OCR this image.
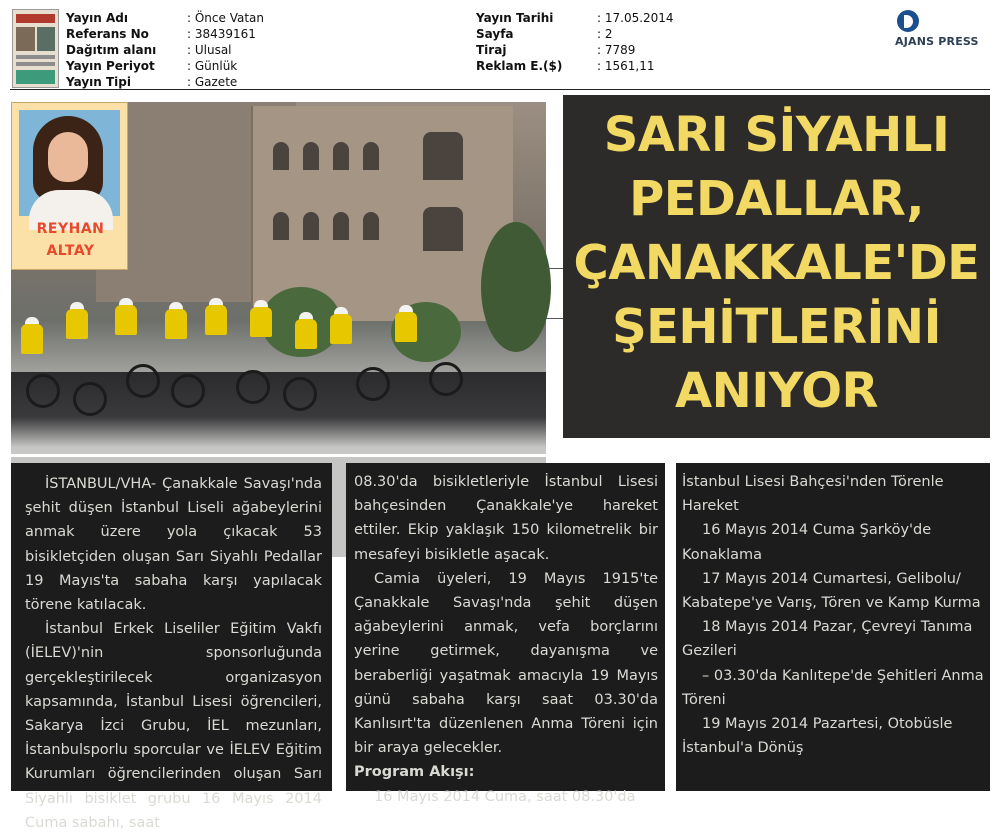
Yayın Adı	: Önce Vatan
Referans No	: 38439161
Dağıtım alanı	: Ulusal
Yayın Periyot	: Günlük
Yayın Tipi	: Gazete
Yayın Tarihi	: 17.05.2014
Sayfa	: 2
Tiraj	: 7789
Reklam E.($)	: 1561,11
AJANS PRESS
REYHAN
ALTAY
SARI SİYAHLI
PEDALLAR,
ÇANAKKALE'DE
ŞEHİTLERİNİ
ANIYOR

İSTANBUL/VHA- Çanakkale Savaşı'nda şehit düşen İstanbul Liseli ağabeylerini anmak üzere yola çıkacak 53 bisikletçiden oluşan Sarı Siyahlı Pedallar 19 Mayıs'ta sabaha karşı yapılacak törene katılacak.

İstanbul Erkek Liseliler Eğitim Vakfı (İELEV)'nin sponsorluğunda gerçekleştirilecek organizasyon kapsamında, İstanbul Lisesi öğrencileri, Sakarya İzci Grubu, İEL mezunları, İstanbulsporlu sporcular ve İELEV Eğitim Kurumları öğrencilerinden oluşan Sarı Siyahlı bisiklet grubu 16 Mayıs 2014 Cuma sabahı, saat

08.30'da bisikletleriyle İstanbul Lisesi bahçesinden Çanakkale'ye hareket ettiler. Ekip yaklaşık 150 kilometrelik bir mesafeyi bisikletle aşacak.

Camia üyeleri, 19 Mayıs 1915'te Çanakkale Savaşı'nda şehit düşen ağabeylerini anmak, vefa borçlarını yerine getirmek, dayanışma ve beraberliği yaşatmak amacıyla 19 Mayıs günü sabaha karşı saat 03.30'da Kanlısırt'ta düzenlenen Anma Töreni için bir araya gelecekler.

Program Akışı:

16 Mayıs 2014 Cuma, saat 08.30'da

İstanbul Lisesi Bahçesi'nden Törenle Hareket

16 Mayıs 2014 Cuma Şarköy'de Konaklama

17 Mayıs 2014 Cumartesi, Gelibolu/ Kabatepe'ye Varış, Tören ve Kamp Kurma

18 Mayıs 2014 Pazar, Çevreyi Tanıma Gezileri

– 03.30'da Kanlıtepe'de Şehitleri Anma Töreni

19 Mayıs 2014 Pazartesi, Otobüsle İstanbul'a Dönüş
